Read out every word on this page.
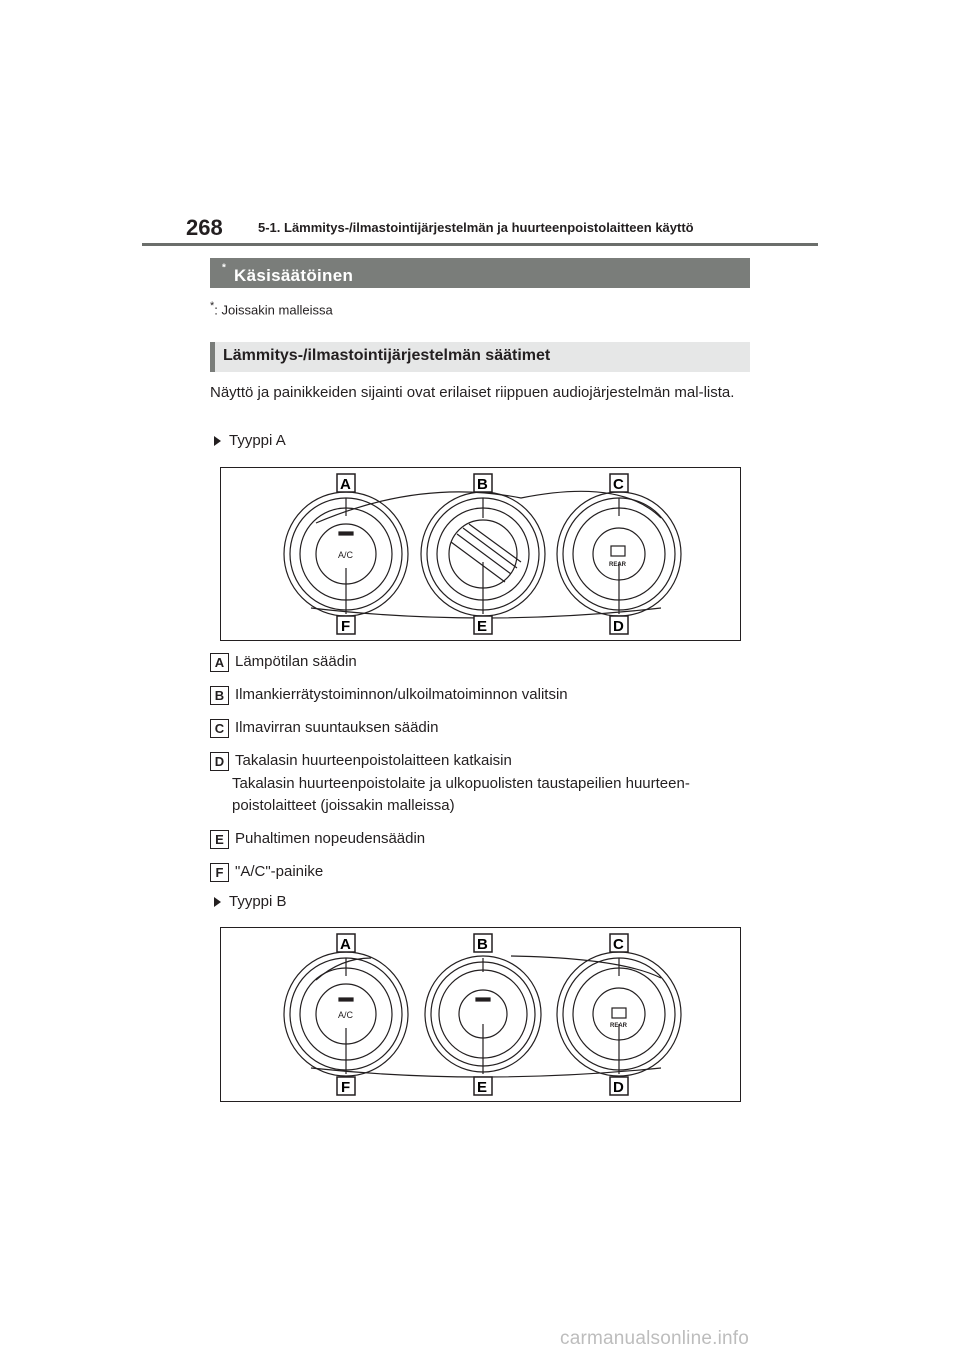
268	5-1. Lämmitys-/ilmastointijärjestelmän ja huurteenpoistolaitteen käyttö
Käsisäätöinen lämmitys-/ilmastointijärjestelmä
*
*: Joissakin malleissa
Lämmitys-/ilmastointijärjestelmän säätimet
Näyttö ja painikkeiden sijainti ovat erilaiset riippuen audiojärjestelmän mal-lista.
Tyyppi A
A/C
REAR
A	B	C
D
E
F
A Lämpötilan säädin
B Ilmankierrätystoiminnon/ulkoilmatoiminnon valitsin
C Ilmavirran suuntauksen säädin
D Takalasin huurteenpoistolaitteen katkaisin
Takalasin huurteenpoistolaite ja ulkopuolisten taustapeilien huurteen-poistolaitteet (joissakin malleissa)
E Puhaltimen nopeudensäädin
F "A/C"-painike
Tyyppi B
A/C
REAR
A	B	C
D
E
F
carmanualsonline.info
